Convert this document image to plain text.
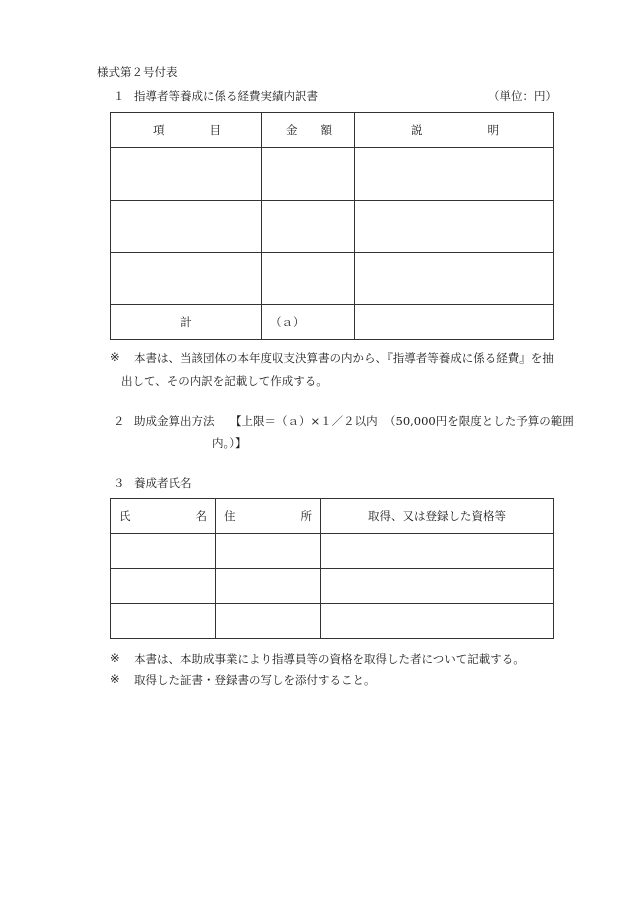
様式第２号付表
１ 指導者等養成に係る経費実績内訳書	（単位：円）
項 目	金 額	説 明

計	（ａ）	
※ 本書は、当該団体の本年度収支決算書の内から、『指導者等養成に係る経費』を抽
出して、その内訳を記載して作成する。
２ 助成金算出方法 【上限＝（ａ）×１／２以内 （50,000円を限度とした予算の範囲
内。）】
３ 養成者氏名
氏 名	住 所	取得、又は登録した資格等

※ 本書は、本助成事業により指導員等の資格を取得した者について記載する。
※ 取得した証書・登録書の写しを添付すること。
